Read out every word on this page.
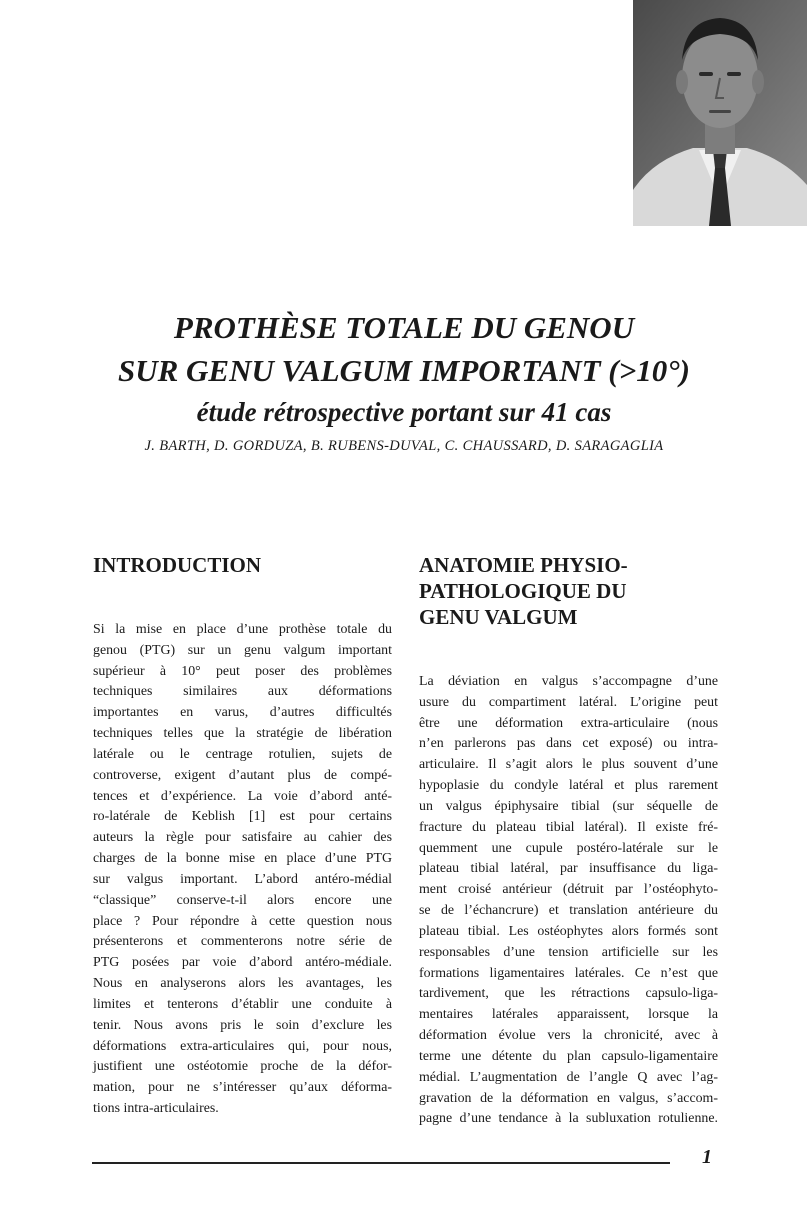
PROTHÈSE TOTALE DU GENOU
SUR GENU VALGUM IMPORTANT (>10°)
étude rétrospective portant sur 41 cas
J. BARTH, D. GORDUZA, B. RUBENS-DUVAL, C. CHAUSSARD, D. SARAGAGLIA
INTRODUCTION
Si la mise en place d’une prothèse totale du
genou (PTG) sur un genu valgum important
supérieur à 10° peut poser des problèmes
techniques similaires aux déformations
importantes en varus, d’autres difficultés
techniques telles que la stratégie de libération
latérale ou le centrage rotulien, sujets de
controverse, exigent d’autant plus de compé-
tences et d’expérience. La voie d’abord anté-
ro-latérale de Keblish [1] est pour certains
auteurs la règle pour satisfaire au cahier des
charges de la bonne mise en place d’une PTG
sur valgus important. L’abord antéro-médial
“classique” conserve-t-il alors encore une
place ? Pour répondre à cette question nous
présenterons et commenterons notre série de
PTG posées par voie d’abord antéro-médiale.
Nous en analyserons alors les avantages, les
limites et tenterons d’établir une conduite à
tenir. Nous avons pris le soin d’exclure les
déformations extra-articulaires qui, pour nous,
justifient une ostéotomie proche de la défor-
mation, pour ne s’intéresser qu’aux déforma-
tions intra-articulaires.
ANATOMIE PHYSIO-
PATHOLOGIQUE DU
GENU VALGUM
La déviation en valgus s’accompagne d’une
usure du compartiment latéral. L’origine peut
être une déformation extra-articulaire (nous
n’en parlerons pas dans cet exposé) ou intra-
articulaire. Il s’agit alors le plus souvent d’une
hypoplasie du condyle latéral et plus rarement
un valgus épiphysaire tibial (sur séquelle de
fracture du plateau tibial latéral). Il existe fré-
quemment une cupule postéro-latérale sur le
plateau tibial latéral, par insuffisance du liga-
ment croisé antérieur (détruit par l’ostéophyto-
se de l’échancrure) et translation antérieure du
plateau tibial. Les ostéophytes alors formés sont
responsables d’une tension artificielle sur les
formations ligamentaires latérales. Ce n’est que
tardivement, que les rétractions capsulo-liga-
mentaires latérales apparaissent, lorsque la
déformation évolue vers la chronicité, avec à
terme une détente du plan capsulo-ligamentaire
médial. L’augmentation de l’angle Q avec l’ag-
gravation de la déformation en valgus, s’accom-
pagne d’une tendance à la subluxation rotulienne.
1
